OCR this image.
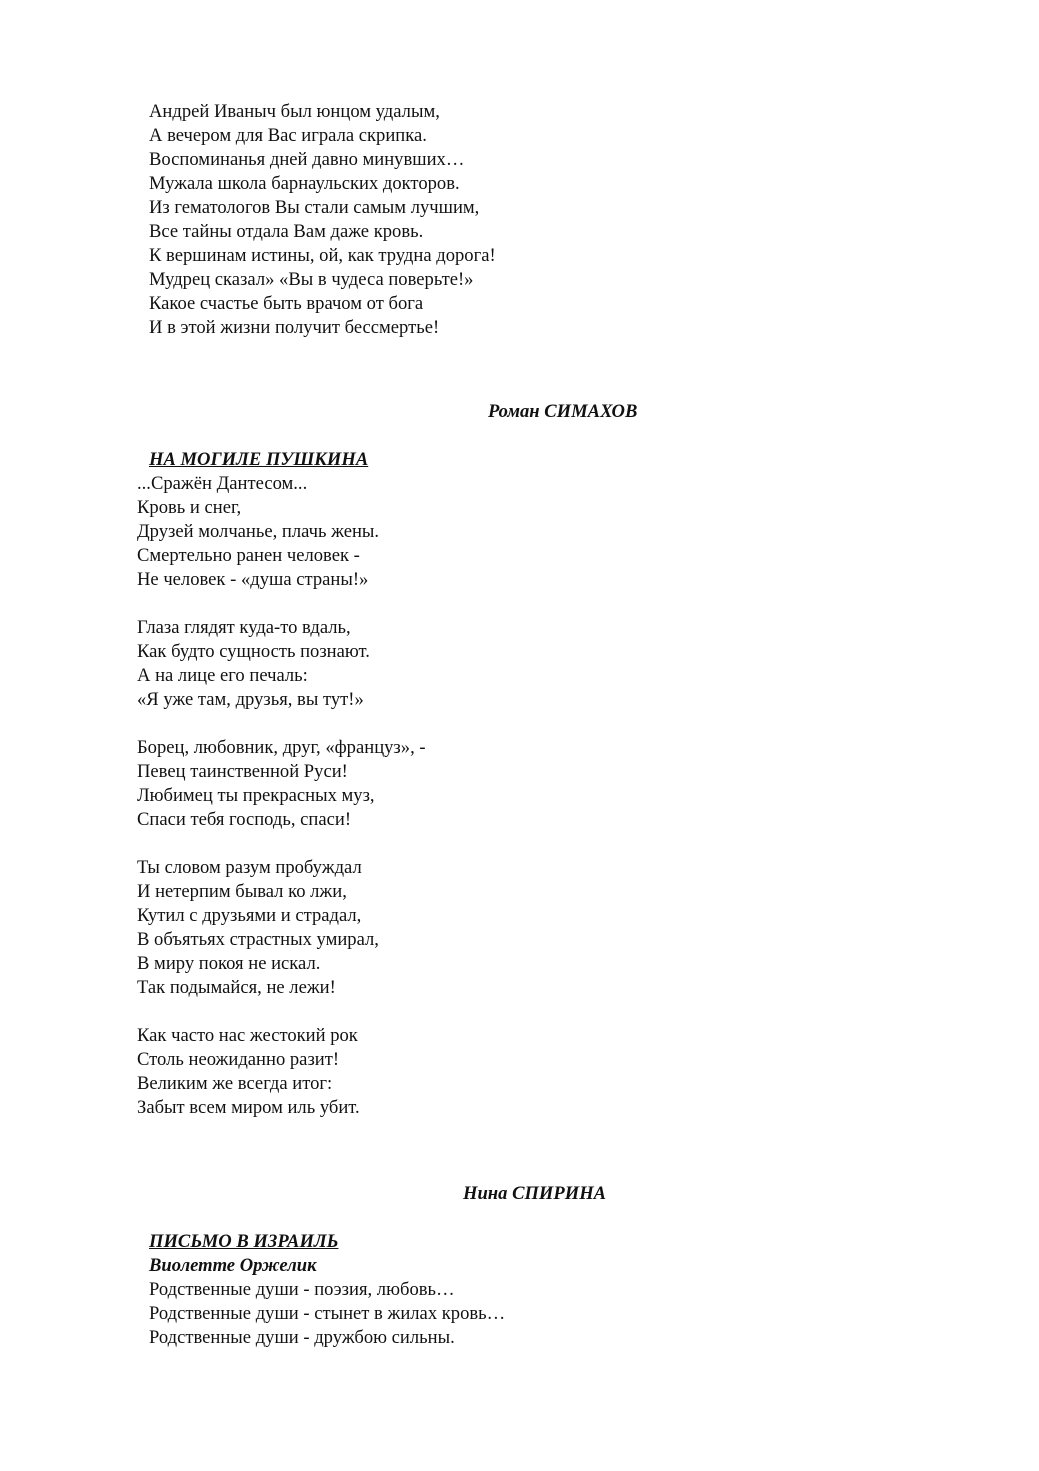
Андрей Иваныч был юнцом удалым,
А вечером для Вас играла скрипка.
Воспоминанья дней давно минувших…
Мужала школа барнаульских докторов.
Из гематологов Вы стали самым лучшим,
Все тайны отдала Вам даже кровь.
К вершинам истины, ой, как трудна дорога!
Мудрец сказал» «Вы в чудеса поверьте!»
Какое счастье быть врачом от бога
И в этой жизни получит бессмертье!
Роман СИМАХОВ
НА МОГИЛЕ ПУШКИНА
...Сражён Дантесом...
Кровь и снег,
Друзей молчанье, плачь жены.
Смертельно ранен человек -
Не человек - «душа страны!»
Глаза глядят куда-то вдаль,
Как будто сущность познают.
А на лице его печаль:
«Я уже там, друзья, вы тут!»
Борец, любовник, друг, «француз», -
Певец таинственной Руси!
Любимец ты прекрасных муз,
Спаси тебя господь, спаси!
Ты словом разум пробуждал
И нетерпим бывал ко лжи,
Кутил с друзьями и страдал,
В объятьях страстных умирал,
В миру покоя не искал.
Так подымайся, не лежи!
Как часто нас жестокий рок
Столь неожиданно разит!
Великим же всегда итог:
Забыт всем миром иль убит.
Нина СПИРИНА
ПИСЬМО В ИЗРАИЛЬ
Виолетте Оржелик
Родственные души - поэзия, любовь…
Родственные души - стынет в жилах кровь…
Родственные души - дружбою сильны.
